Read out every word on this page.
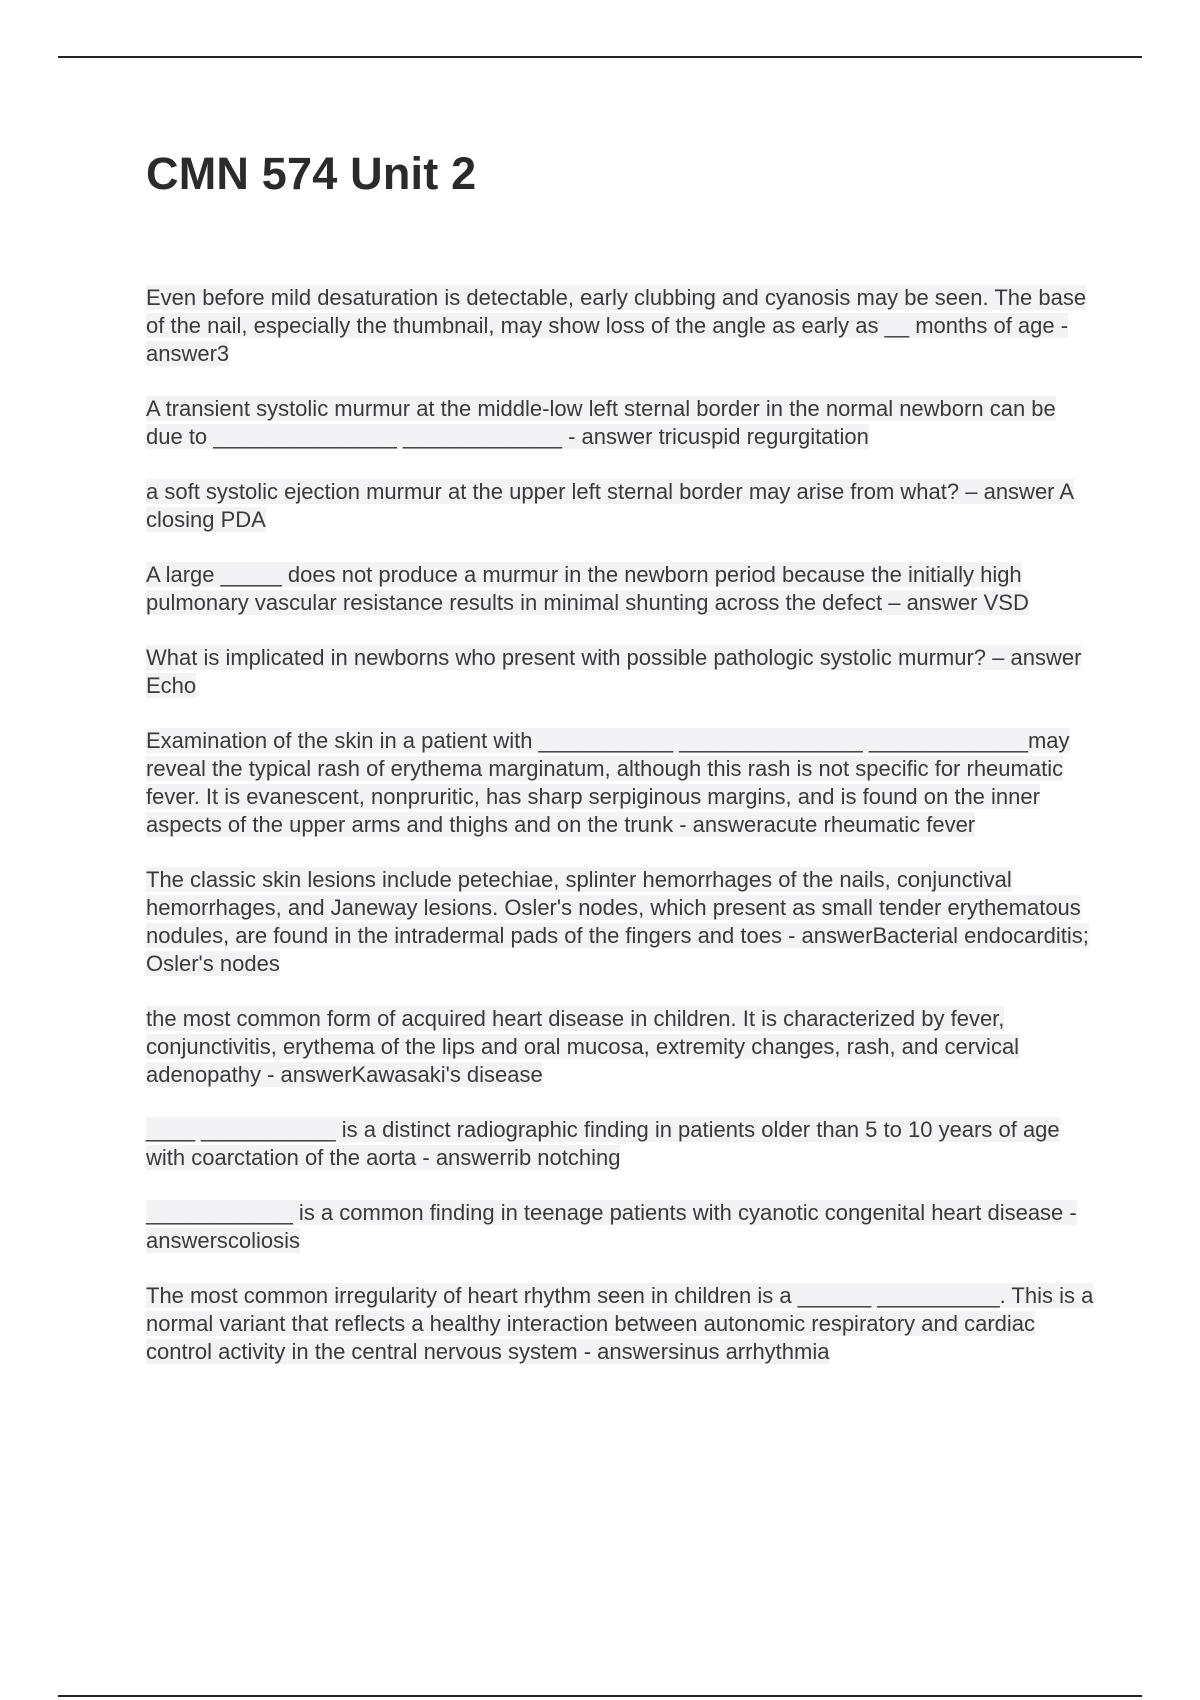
CMN 574 Unit 2
Even before mild desaturation is detectable, early clubbing and cyanosis may be seen. The base of the nail, especially the thumbnail, may show loss of the angle as early as __ months of age - answer3
A transient systolic murmur at the middle-low left sternal border in the normal newborn can be due to _______________ _____________ - answer tricuspid regurgitation
a soft systolic ejection murmur at the upper left sternal border may arise from what? – answer A closing PDA
A large _____ does not produce a murmur in the newborn period because the initially high pulmonary vascular resistance results in minimal shunting across the defect – answer VSD
What is implicated in newborns who present with possible pathologic systolic murmur? – answer Echo
Examination of the skin in a patient with ___________ _______________ _____________may reveal the typical rash of erythema marginatum, although this rash is not specific for rheumatic fever. It is evanescent, nonpruritic, has sharp serpiginous margins, and is found on the inner aspects of the upper arms and thighs and on the trunk - answeracute rheumatic fever
The classic skin lesions include petechiae, splinter hemorrhages of the nails, conjunctival hemorrhages, and Janeway lesions. Osler's nodes, which present as small tender erythematous nodules, are found in the intradermal pads of the fingers and toes - answerBacterial endocarditis; Osler's nodes
the most common form of acquired heart disease in children. It is characterized by fever, conjunctivitis, erythema of the lips and oral mucosa, extremity changes, rash, and cervical adenopathy - answerKawasaki's disease
____ ___________ is a distinct radiographic finding in patients older than 5 to 10 years of age with coarctation of the aorta - answerrib notching
____________ is a common finding in teenage patients with cyanotic congenital heart disease - answerscoliosis
The most common irregularity of heart rhythm seen in children is a ______ __________. This is a normal variant that reflects a healthy interaction between autonomic respiratory and cardiac control activity in the central nervous system - answersinus arrhythmia
